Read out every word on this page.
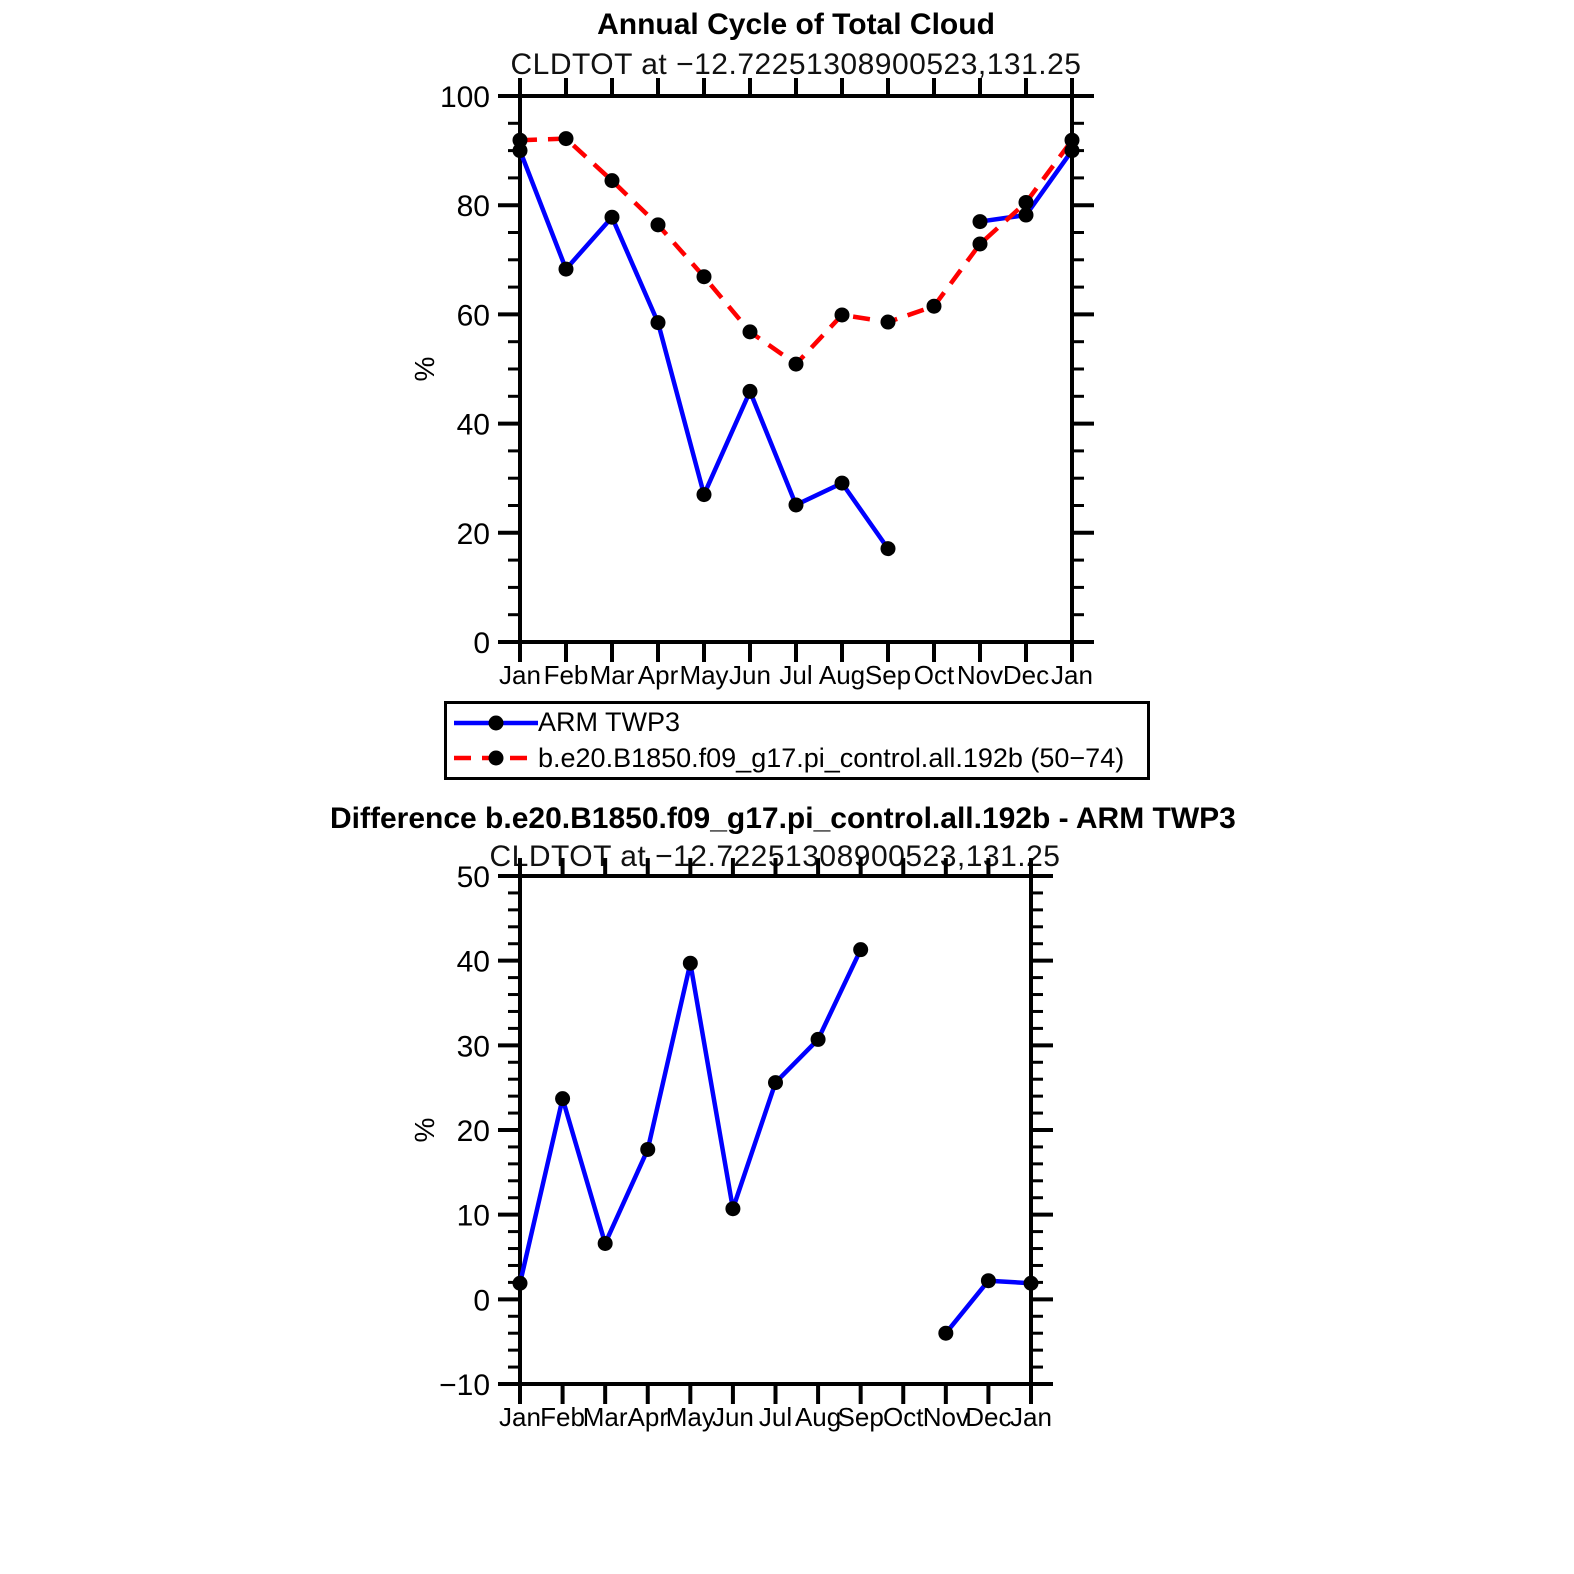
Annual Cycle of Total Cloud
CLDTOT at −12.72251308900523,131.25
0
20
40
60
80
100
Jan Feb Mar Apr May Jun Jul Aug Sep Oct Nov Dec Jan
%
ARM TWP3
b.e20.B1850.f09_g17.pi_control.all.192b (50−74)
Difference b.e20.B1850.f09_g17.pi_control.all.192b - ARM TWP3
CLDTOT at −12.72251308900523,131.25
−10
0
10
20
30
40
50
Jan Feb
Mar Apr
May
Jun Jul Aug
Sep Oct Nov
Dec
Jan
%
